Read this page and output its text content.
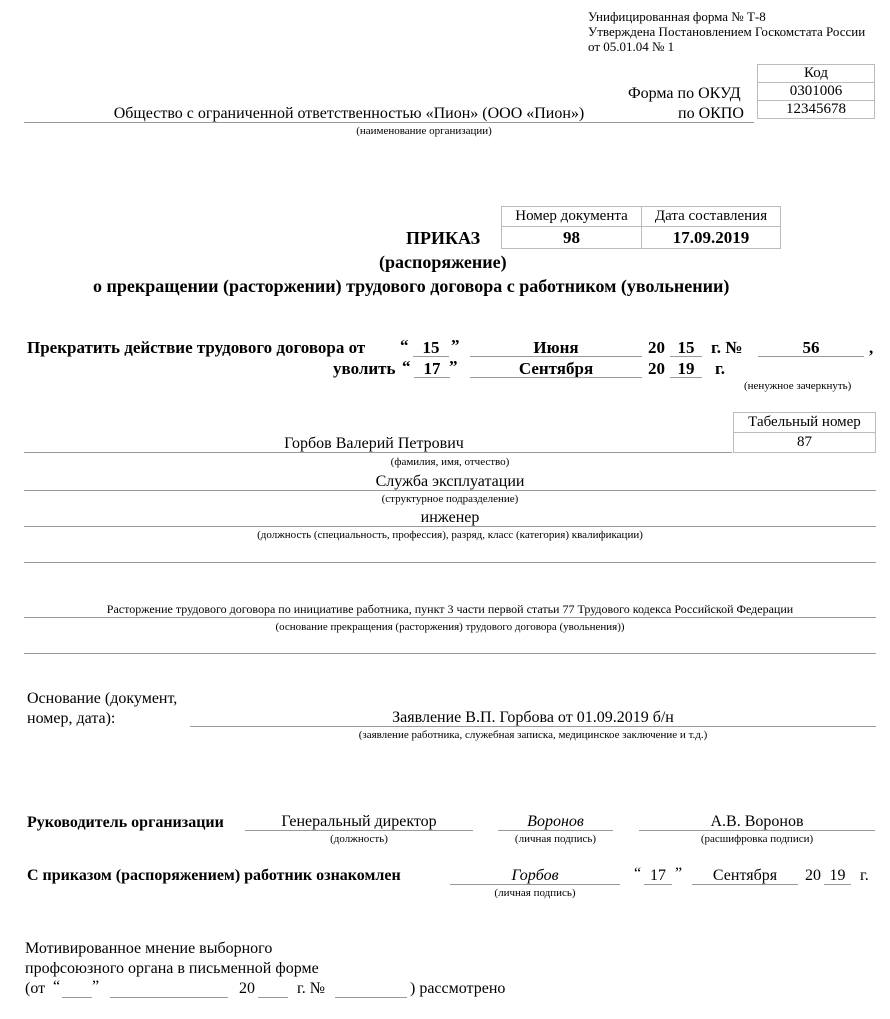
Унифицированная форма № Т-8
Утверждена Постановлением Госкомстата России
от 05.01.04 № 1
Форма по ОКУД
по ОКПО
Код
0301006
12345678
Общество с ограниченной ответственностью «Пион» (ООО «Пион»)
(наименование организации)
Номер документа	Дата составления
98	17.09.2019
ПРИКАЗ
(распоряжение)
о прекращении (расторжении) трудового договора с работником (увольнении)
Прекратить действие трудового договора от “ 15 ”	Июня	20 15 г. №	56	,
уволить “ 17 ”	Сентября	20 19	г.
(ненужное зачеркнуть)
Табельный номер
87
Горбов Валерий Петрович
(фамилия, имя, отчество)
Служба эксплуатации
(структурное подразделение)
инженер
(должность (специальность, профессия), разряд, класс (категория) квалификации)
Расторжение трудового договора по инициативе работника, пункт 3 части первой статьи 77 Трудового кодекса Российской Федерации
(основание прекращения (расторжения) трудового договора (увольнения))
Основание (документ,
номер, дата):	Заявление В.П. Горбова от 01.09.2019 б/н
(заявление работника, служебная записка, медицинское заключение и т.д.)
Руководитель организации	Генеральный директор
(должность)
Воронов
(личная подпись)
А.В. Воронов
(расшифровка подписи)
С приказом (распоряжением) работник ознакомлен	Горбов
(личная подпись)
“ 17 ”	Сентября	20 19 г.
Мотивированное мнение выборного
профсоюзного органа в письменной форме
(от “ ”	20	г. №	) рассмотрено
